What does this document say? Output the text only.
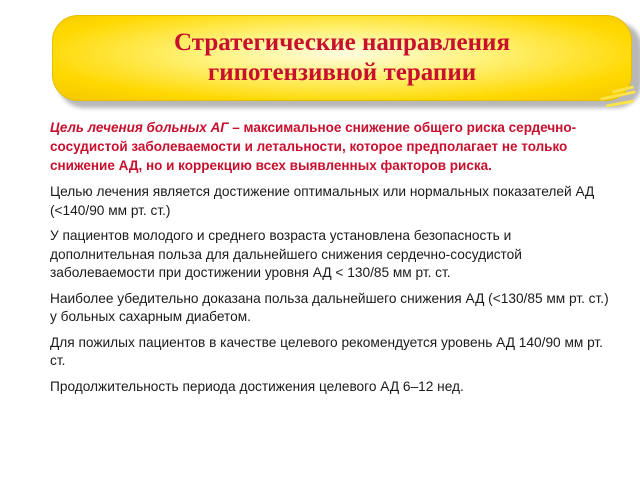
Стратегические направления
гипотензивной терапии

Цель лечения больных АГ – максимальное снижение общего риска сердечно-сосудистой заболеваемости и летальности, которое предполагает не только снижение АД, но и коррекцию всех выявленных факторов риска.

Целью лечения является достижение оптимальных или нормальных показателей АД (<140/90 мм рт. ст.)

У пациентов молодого и среднего возраста установлена безопасность и дополнительная польза для дальнейшего снижения сердечно-сосудистой заболеваемости при достижении уровня АД < 130/85 мм рт. ст.

Наиболее убедительно доказана польза дальнейшего снижения АД (<130/85 мм рт. ст.) у больных сахарным диабетом.

Для пожилых пациентов в качестве целевого рекомендуется уровень АД 140/90 мм рт. ст.

Продолжительность периода достижения целевого АД 6–12 нед.
